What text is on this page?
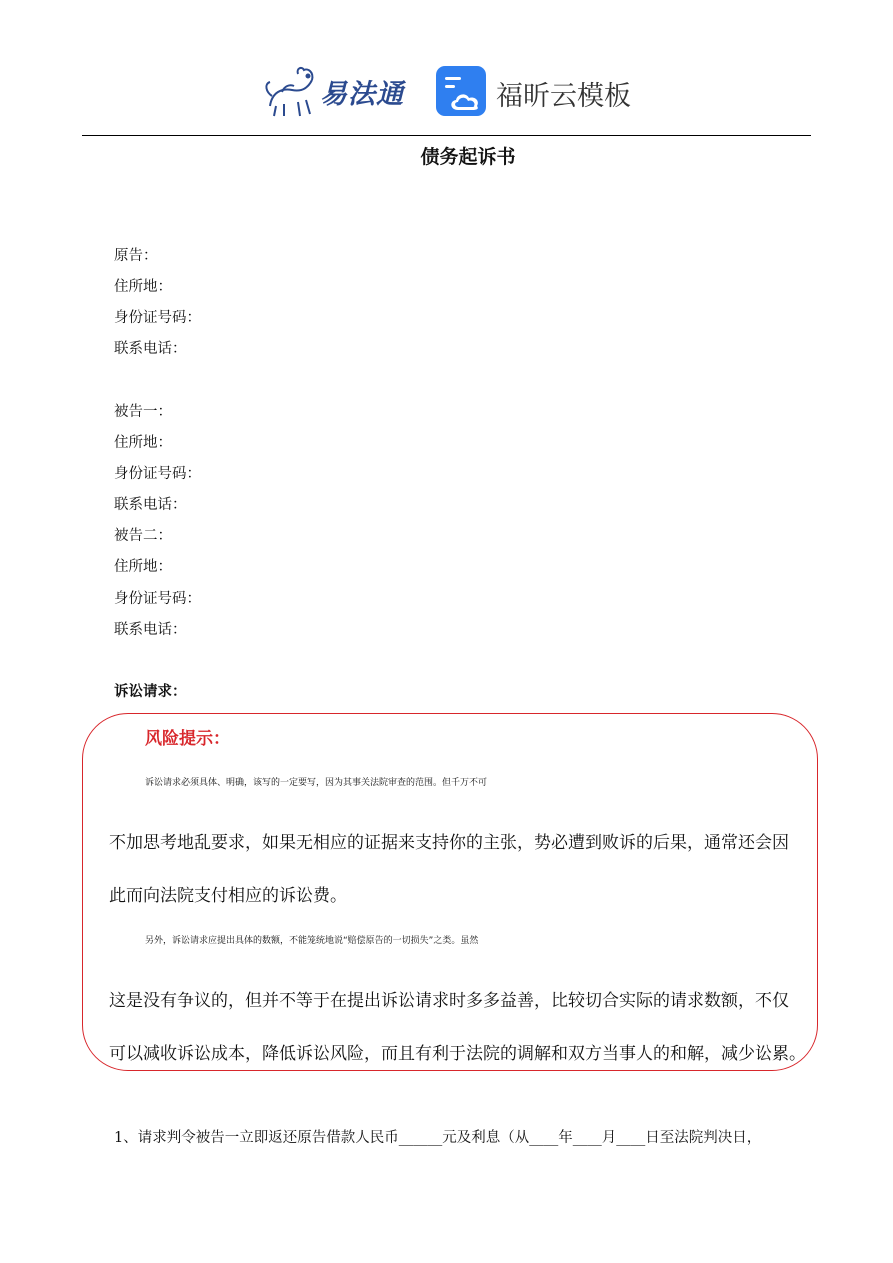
易法通	福昕云模板
债务起诉书
原告：
住所地：
身份证号码：
联系电话：
被告一：
住所地：
身份证号码：
联系电话：
被告二：
住所地：
身份证号码：
联系电话：
诉讼请求：
风险提示：
诉讼请求必须具体、明确，该写的一定要写，因为其事关法院审查的范围。但千万不可
不加思考地乱要求，如果无相应的证据来支持你的主张，势必遭到败诉的后果，通常还会因
此而向法院支付相应的诉讼费。
另外，诉讼请求应提出具体的数额，不能笼统地说“赔偿原告的一切损失”之类。虽然
这是没有争议的，但并不等于在提出诉讼请求时多多益善，比较切合实际的请求数额，不仅
可以减收诉讼成本，降低诉讼风险，而且有利于法院的调解和双方当事人的和解，减少讼累。
1、请求判令被告一立即返还原告借款人民币______元及利息（从____年____月____日至法院判决日，
